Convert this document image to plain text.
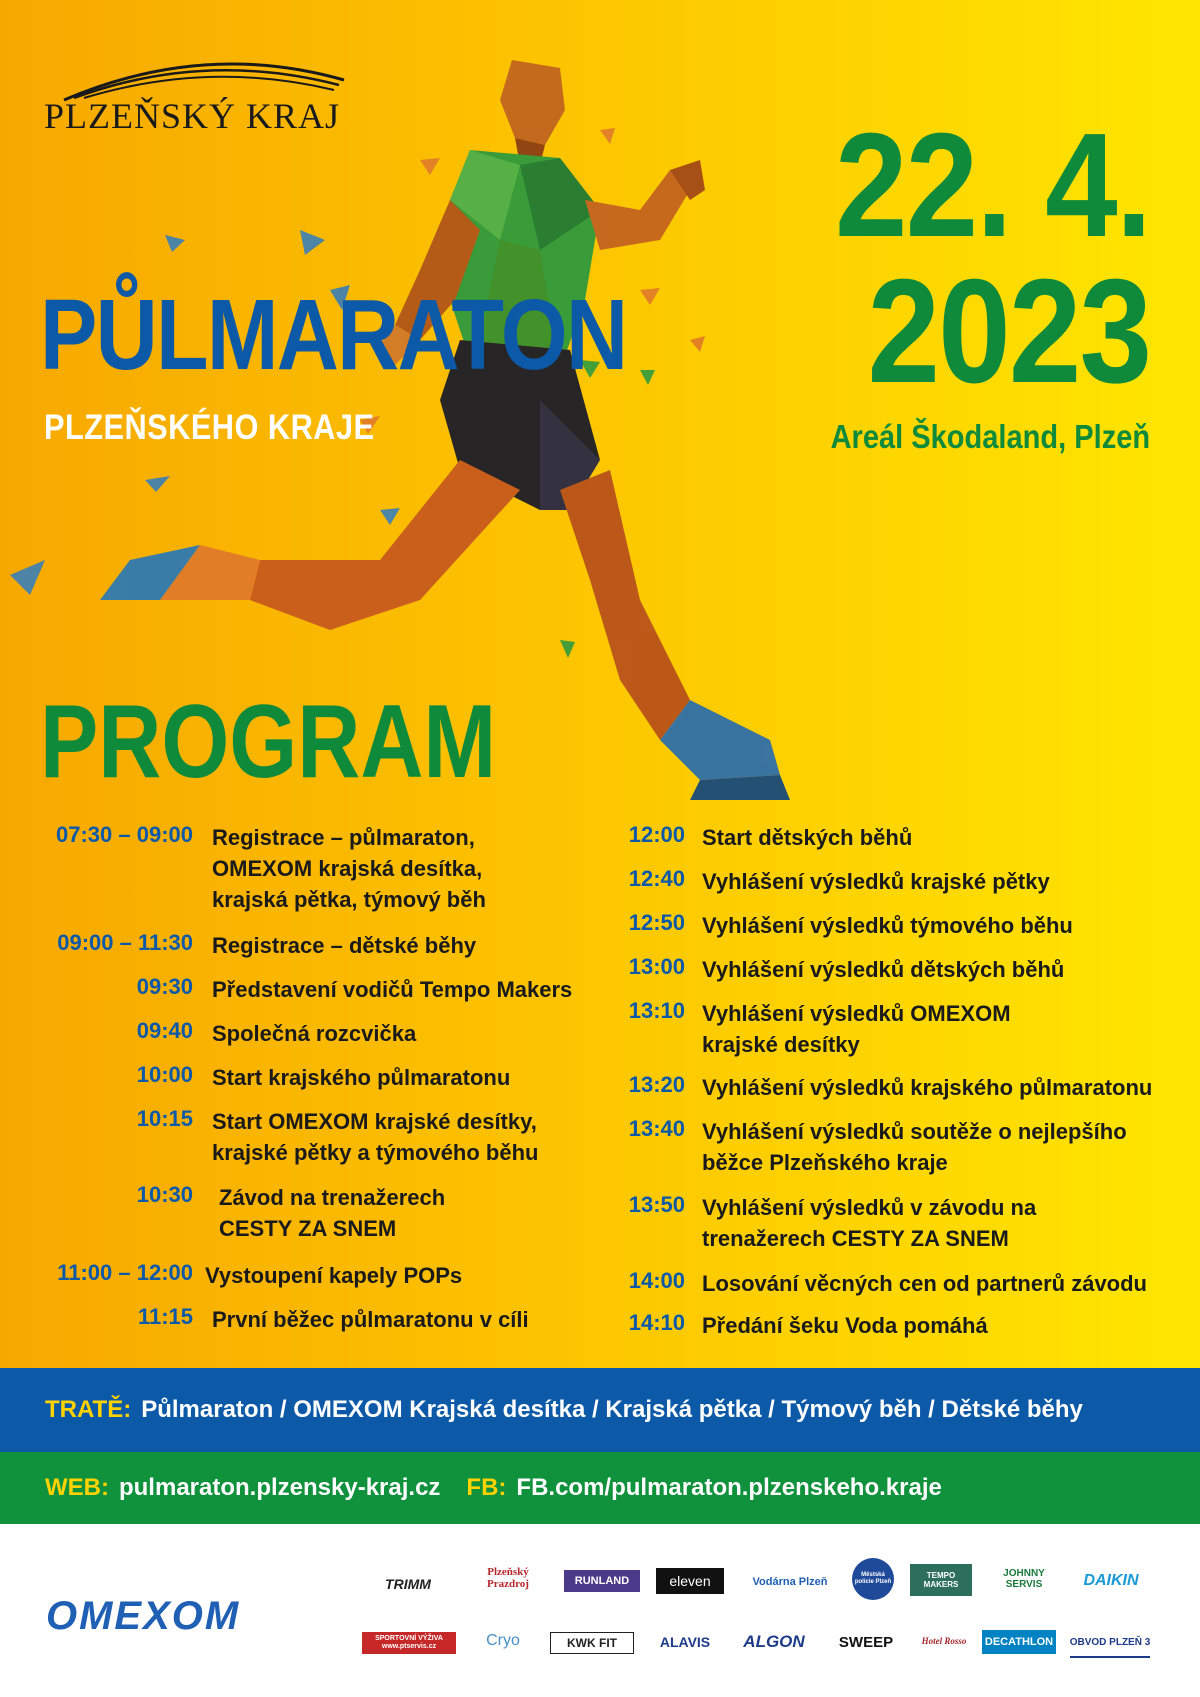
PLZEŇSKÝ KRAJ
PŮLMARATON
PLZEŇSKÉHO KRAJE
22. 4.
2023
Areál Škodaland, Plzeň
PROGRAM
07:30 – 09:00 Registrace – půlmaraton,
OMEXOM krajská desítka,
krajská pětka, týmový běh
09:00 – 11:30 Registrace – dětské běhy
09:30 Představení vodičů Tempo Makers
09:40 Společná rozcvička
10:00 Start krajského půlmaratonu
10:15 Start OMEXOM krajské desítky,
krajské pětky a týmového běhu
10:30 Závod na trenažerech
CESTY ZA SNEM
11:00 – 12:00 Vystoupení kapely POPs
11:15 První běžec půlmaratonu v cíli
12:00 Start dětských běhů
12:40 Vyhlášení výsledků krajské pětky
12:50 Vyhlášení výsledků týmového běhu
13:00 Vyhlášení výsledků dětských běhů
13:10 Vyhlášení výsledků OMEXOM
krajské desítky
13:20 Vyhlášení výsledků krajského půlmaratonu
13:40 Vyhlášení výsledků soutěže o nejlepšího
běžce Plzeňského kraje
13:50 Vyhlášení výsledků v závodu na
trenažerech CESTY ZA SNEM
14:00 Losování věcných cen od partnerů závodu
14:10 Předání šeku Voda pomáhá
TRATĚ: Půlmaraton / OMEXOM Krajská desítka / Krajská pětka / Týmový běh / Dětské běhy
WEB: pulmaraton.plzensky-kraj.cz FB: FB.com/pulmaraton.plzenskeho.kraje
OMEXOM
TRIMM
Plzeňský Prazdroj	RUNLAND	eleven	Vodárna Plzeň
Městská policie Plzeň
TEMPO MAKERS
JOHNNY SERVIS	DAIKIN
SPORTOVNÍ VÝŽIVA www.ptservis.cz	Cryo	KWK FIT	ALAVIS	ALGON	SWEEP	Hotel Rosso	DECATHLON OBVOD PLZEŇ 3
